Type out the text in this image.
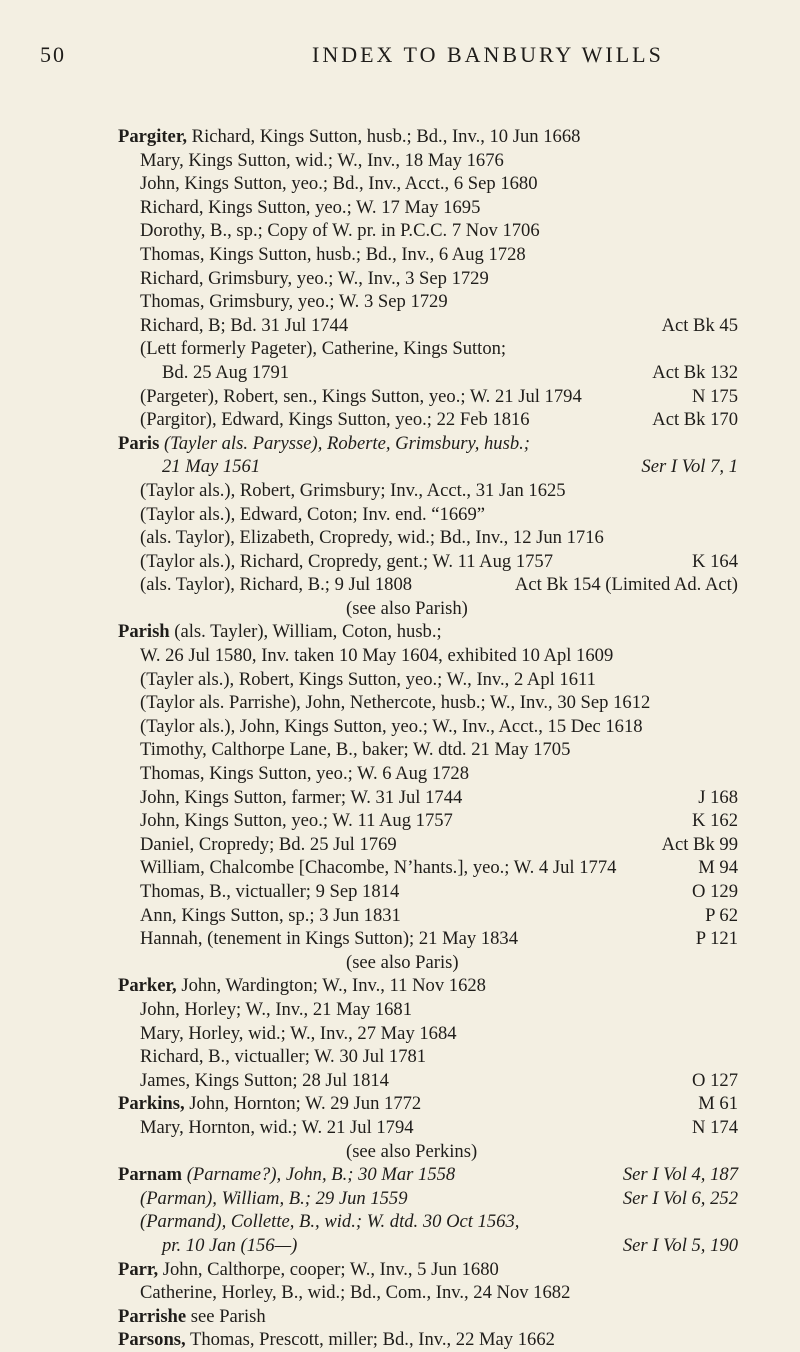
50	INDEX TO BANBURY WILLS
Pargiter, Richard, Kings Sutton, husb.; Bd., Inv., 10 Jun 1668
Mary, Kings Sutton, wid.; W., Inv., 18 May 1676
John, Kings Sutton, yeo.; Bd., Inv., Acct., 6 Sep 1680
Richard, Kings Sutton, yeo.; W. 17 May 1695
Dorothy, B., sp.; Copy of W. pr. in P.C.C. 7 Nov 1706
Thomas, Kings Sutton, husb.; Bd., Inv., 6 Aug 1728
Richard, Grimsbury, yeo.; W., Inv., 3 Sep 1729
Thomas, Grimsbury, yeo.; W. 3 Sep 1729
Richard, B; Bd. 31 Jul 1744	Act Bk 45
(Lett formerly Pageter), Catherine, Kings Sutton;
Bd. 25 Aug 1791	Act Bk 132
(Pargeter), Robert, sen., Kings Sutton, yeo.; W. 21 Jul 1794	N 175
(Pargitor), Edward, Kings Sutton, yeo.; 22 Feb 1816	Act Bk 170
Paris (Tayler als. Parysse), Roberte, Grimsbury, husb.;
21 May 1561	Ser I Vol 7, 1
(Taylor als.), Robert, Grimsbury; Inv., Acct., 31 Jan 1625
(Taylor als.), Edward, Coton; Inv. end. “1669”
(als. Taylor), Elizabeth, Cropredy, wid.; Bd., Inv., 12 Jun 1716
(Taylor als.), Richard, Cropredy, gent.; W. 11 Aug 1757	K 164
(als. Taylor), Richard, B.; 9 Jul 1808	Act Bk 154 (Limited Ad. Act)
(see also Parish)
Parish (als. Tayler), William, Coton, husb.;
W. 26 Jul 1580, Inv. taken 10 May 1604, exhibited 10 Apl 1609
(Tayler als.), Robert, Kings Sutton, yeo.; W., Inv., 2 Apl 1611
(Taylor als. Parrishe), John, Nethercote, husb.; W., Inv., 30 Sep 1612
(Taylor als.), John, Kings Sutton, yeo.; W., Inv., Acct., 15 Dec 1618
Timothy, Calthorpe Lane, B., baker; W. dtd. 21 May 1705
Thomas, Kings Sutton, yeo.; W. 6 Aug 1728
John, Kings Sutton, farmer; W. 31 Jul 1744	J 168
John, Kings Sutton, yeo.; W. 11 Aug 1757	K 162
Daniel, Cropredy; Bd. 25 Jul 1769	Act Bk 99
William, Chalcombe [Chacombe, N’hants.], yeo.; W. 4 Jul 1774	M 94
Thomas, B., victualler; 9 Sep 1814	O 129
Ann, Kings Sutton, sp.; 3 Jun 1831	P 62
Hannah, (tenement in Kings Sutton); 21 May 1834	P 121
(see also Paris)
Parker, John, Wardington; W., Inv., 11 Nov 1628
John, Horley; W., Inv., 21 May 1681
Mary, Horley, wid.; W., Inv., 27 May 1684
Richard, B., victualler; W. 30 Jul 1781
James, Kings Sutton; 28 Jul 1814	O 127
Parkins, John, Hornton; W. 29 Jun 1772	M 61
Mary, Hornton, wid.; W. 21 Jul 1794	N 174
(see also Perkins)
Parnam (Parname?), John, B.; 30 Mar 1558	Ser I Vol 4, 187
(Parman), William, B.; 29 Jun 1559	Ser I Vol 6, 252
(Parmand), Collette, B., wid.; W. dtd. 30 Oct 1563,
pr. 10 Jan (156—)	Ser I Vol 5, 190
Parr, John, Calthorpe, cooper; W., Inv., 5 Jun 1680
Catherine, Horley, B., wid.; Bd., Com., Inv., 24 Nov 1682
Parrishe see Parish
Parsons, Thomas, Prescott, miller; Bd., Inv., 22 May 1662
